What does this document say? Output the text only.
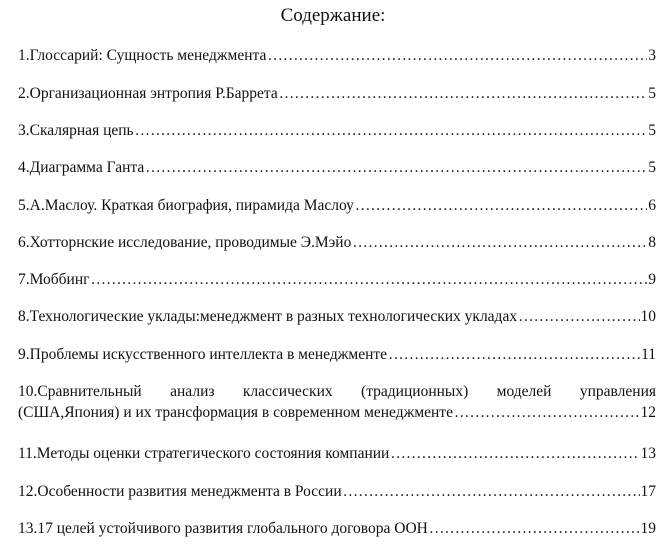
Содержание:
1.Глоссарий: Сущность менеджмента ………………………………………………………………………………………………………………………………………………………………………………	3
2.Организационная энтропия Р.Баррета ………………………………………………………………………………………………………………………………………………………………………………	5
3.Скалярная цепь ………………………………………………………………………………………………………………………………………………………………………………	5
4.Диаграмма Ганта ………………………………………………………………………………………………………………………………………………………………………………	5
5.А.Маслоу. Краткая биография, пирамида Маслоу ………………………………………………………………………………………………………………………………………………………………………………	6
6.Хотторнские исследование, проводимые Э.Мэйо ………………………………………………………………………………………………………………………………………………………………………………	8
7.Моббинг ………………………………………………………………………………………………………………………………………………………………………………	9
8.Технологические уклады:менеджмент в разных технологических укладах ………………………………………………………………………………………………………………………………………………………………………………	10
9.Проблемы искусственного интеллекта в менеджменте ………………………………………………………………………………………………………………………………………………………………………………	11
10.Сравнительный анализ классических (традиционных) моделей управления
(США,Япония) и их трансформация в современном менеджменте ………………………………………………………………………………………………………………………………………………………………………………	12
11.Методы оценки стратегического состояния компании ………………………………………………………………………………………………………………………………………………………………………………	13
12.Особенности развития менеджмента в России ………………………………………………………………………………………………………………………………………………………………………………	17
13.17 целей устойчивого развития глобального договора ООН ………………………………………………………………………………………………………………………………………………………………………………	19
